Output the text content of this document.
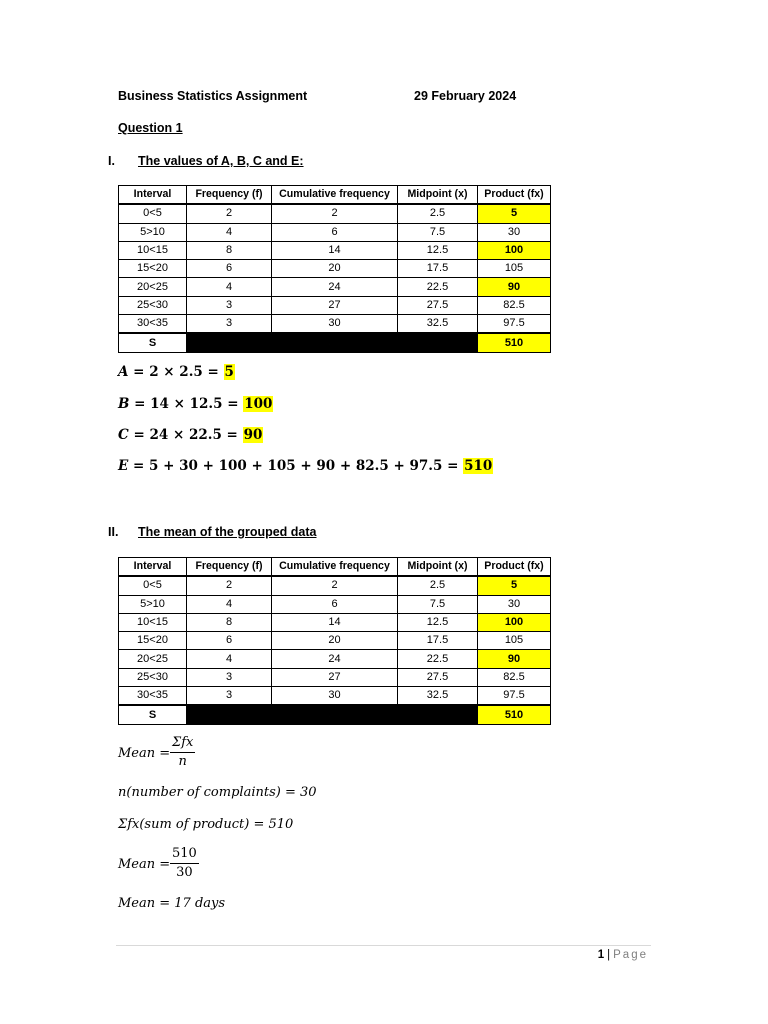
Business Statistics Assignment	29 February 2024
Question 1
I. The values of A, B, C and E:
Interval	Frequency (f)	Cumulative frequency	Midpoint (x)	Product (fx)
0<5	2	2	2.5	5
5>10	4	6	7.5	30
10<15	8	14	12.5	100
15<20	6	20	17.5	105
20<25	4	24	22.5	90
25<30	3	27	27.5	82.5
30<35	3	30	32.5	97.5
S				510
A = 2 × 2.5 = 5
B = 14 × 12.5 = 100
C = 24 × 22.5 = 90
E = 5 + 30 + 100 + 105 + 90 + 82.5 + 97.5 = 510
II. The mean of the grouped data
Interval	Frequency (f)	Cumulative frequency	Midpoint (x)	Product (fx)
0<5	2	2	2.5	5
5>10	4	6	7.5	30
10<15	8	14	12.5	100
15<20	6	20	17.5	105
20<25	4	24	22.5	90
25<30	3	27	27.5	82.5
30<35	3	30	32.5	97.5
S				510
Mean =
Σfx
n
n(number of complaints) = 30
Σfx(sum of product) = 510
Mean = $\frac{510}{30}$
Mean = 17 days
1 | Page
